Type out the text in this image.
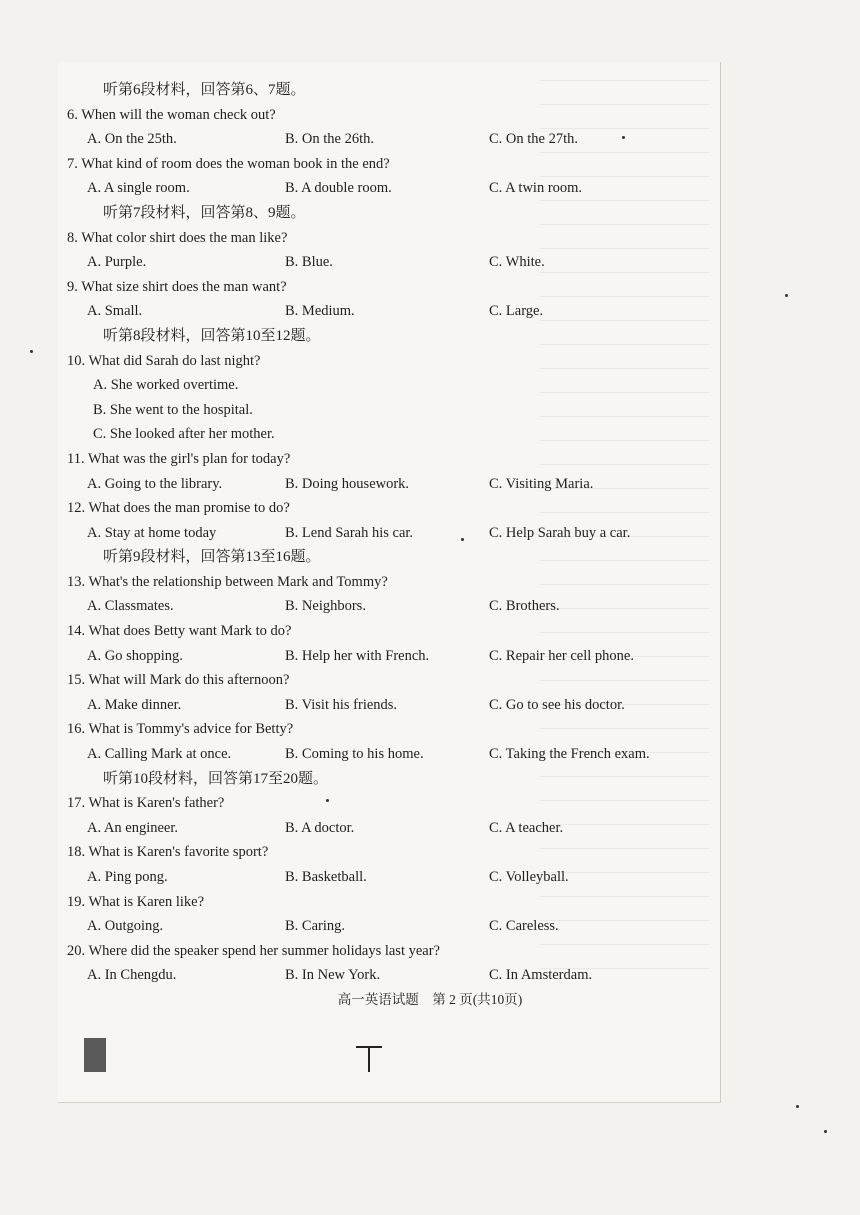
听第6段材料，回答第6、7题。
6. When will the woman check out?
A. On the 25th.	B. On the 26th.	C. On the 27th.
7. What kind of room does the woman book in the end?
A. A single room.	B. A double room.	C. A twin room.
听第7段材料，回答第8、9题。
8. What color shirt does the man like?
A. Purple.	B. Blue.	C. White.
9. What size shirt does the man want?
A. Small.	B. Medium.	C. Large.
听第8段材料，回答第10至12题。
10. What did Sarah do last night?
A. She worked overtime.
B. She went to the hospital.
C. She looked after her mother.
11. What was the girl's plan for today?
A. Going to the library.	B. Doing housework.	C. Visiting Maria.
12. What does the man promise to do?
A. Stay at home today	B. Lend Sarah his car.	C. Help Sarah buy a car.
听第9段材料，回答第13至16题。
13. What's the relationship between Mark and Tommy?
A. Classmates.	B. Neighbors.	C. Brothers.
14. What does Betty want Mark to do?
A. Go shopping.	B. Help her with French.	C. Repair her cell phone.
15. What will Mark do this afternoon?
A. Make dinner.	B. Visit his friends.	C. Go to see his doctor.
16. What is Tommy's advice for Betty?
A. Calling Mark at once.	B. Coming to his home.	C. Taking the French exam.
听第10段材料，回答第17至20题。
17. What is Karen's father?
A. An engineer.	B. A doctor.	C. A teacher.
18. What is Karen's favorite sport?
A. Ping pong.	B. Basketball.	C. Volleyball.
19. What is Karen like?
A. Outgoing.	B. Caring.	C. Careless.
20. Where did the speaker spend her summer holidays last year?
A. In Chengdu.	B. In New York.	C. In Amsterdam.
高一英语试题　第 2 页(共10页)
